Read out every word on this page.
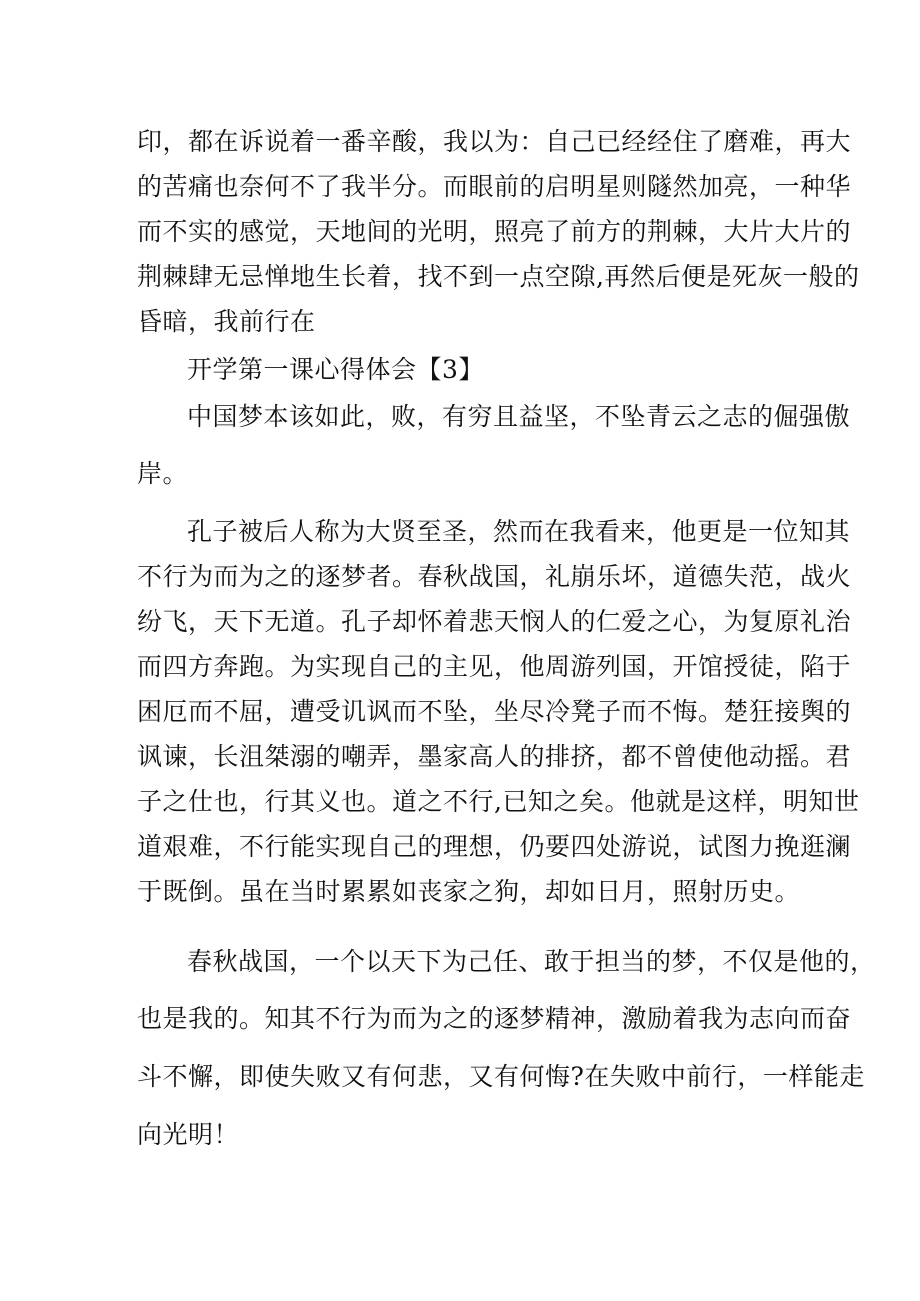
印，都在诉说着一番辛酸，我以为：自己已经经住了磨难，再大
的苦痛也奈何不了我半分。而眼前的启明星则隧然加亮，一种华
而不实的感觉，天地间的光明，照亮了前方的荆棘，大片大片的
荆棘肆无忌惮地生长着，找不到一点空隙,再然后便是死灰一般的
昏暗，我前行在
开学第一课心得体会【3】
中国梦本该如此，败，有穷且益坚，不坠青云之志的倔强傲
岸。
孔子被后人称为大贤至圣，然而在我看来，他更是一位知其
不行为而为之的逐梦者。春秋战国，礼崩乐坏，道德失范，战火
纷飞，天下无道。孔子却怀着悲天悯人的仁爱之心，为复原礼治
而四方奔跑。为实现自己的主见，他周游列国，开馆授徒，陷于
困厄而不屈，遭受讥讽而不坠，坐尽冷凳子而不悔。楚狂接舆的
讽谏，长沮桀溺的嘲弄，墨家高人的排挤，都不曾使他动摇。君
子之仕也，行其义也。道之不行,已知之矣。他就是这样，明知世
道艰难，不行能实现自己的理想，仍要四处游说，试图力挽逛澜
于既倒。虽在当时累累如丧家之狗，却如日月，照射历史。
春秋战国，一个以天下为己任、敢于担当的梦，不仅是他的，
也是我的。知其不行为而为之的逐梦精神，激励着我为志向而奋
斗不懈，即使失败又有何悲，又有何悔?在失败中前行，一样能走
向光明！
